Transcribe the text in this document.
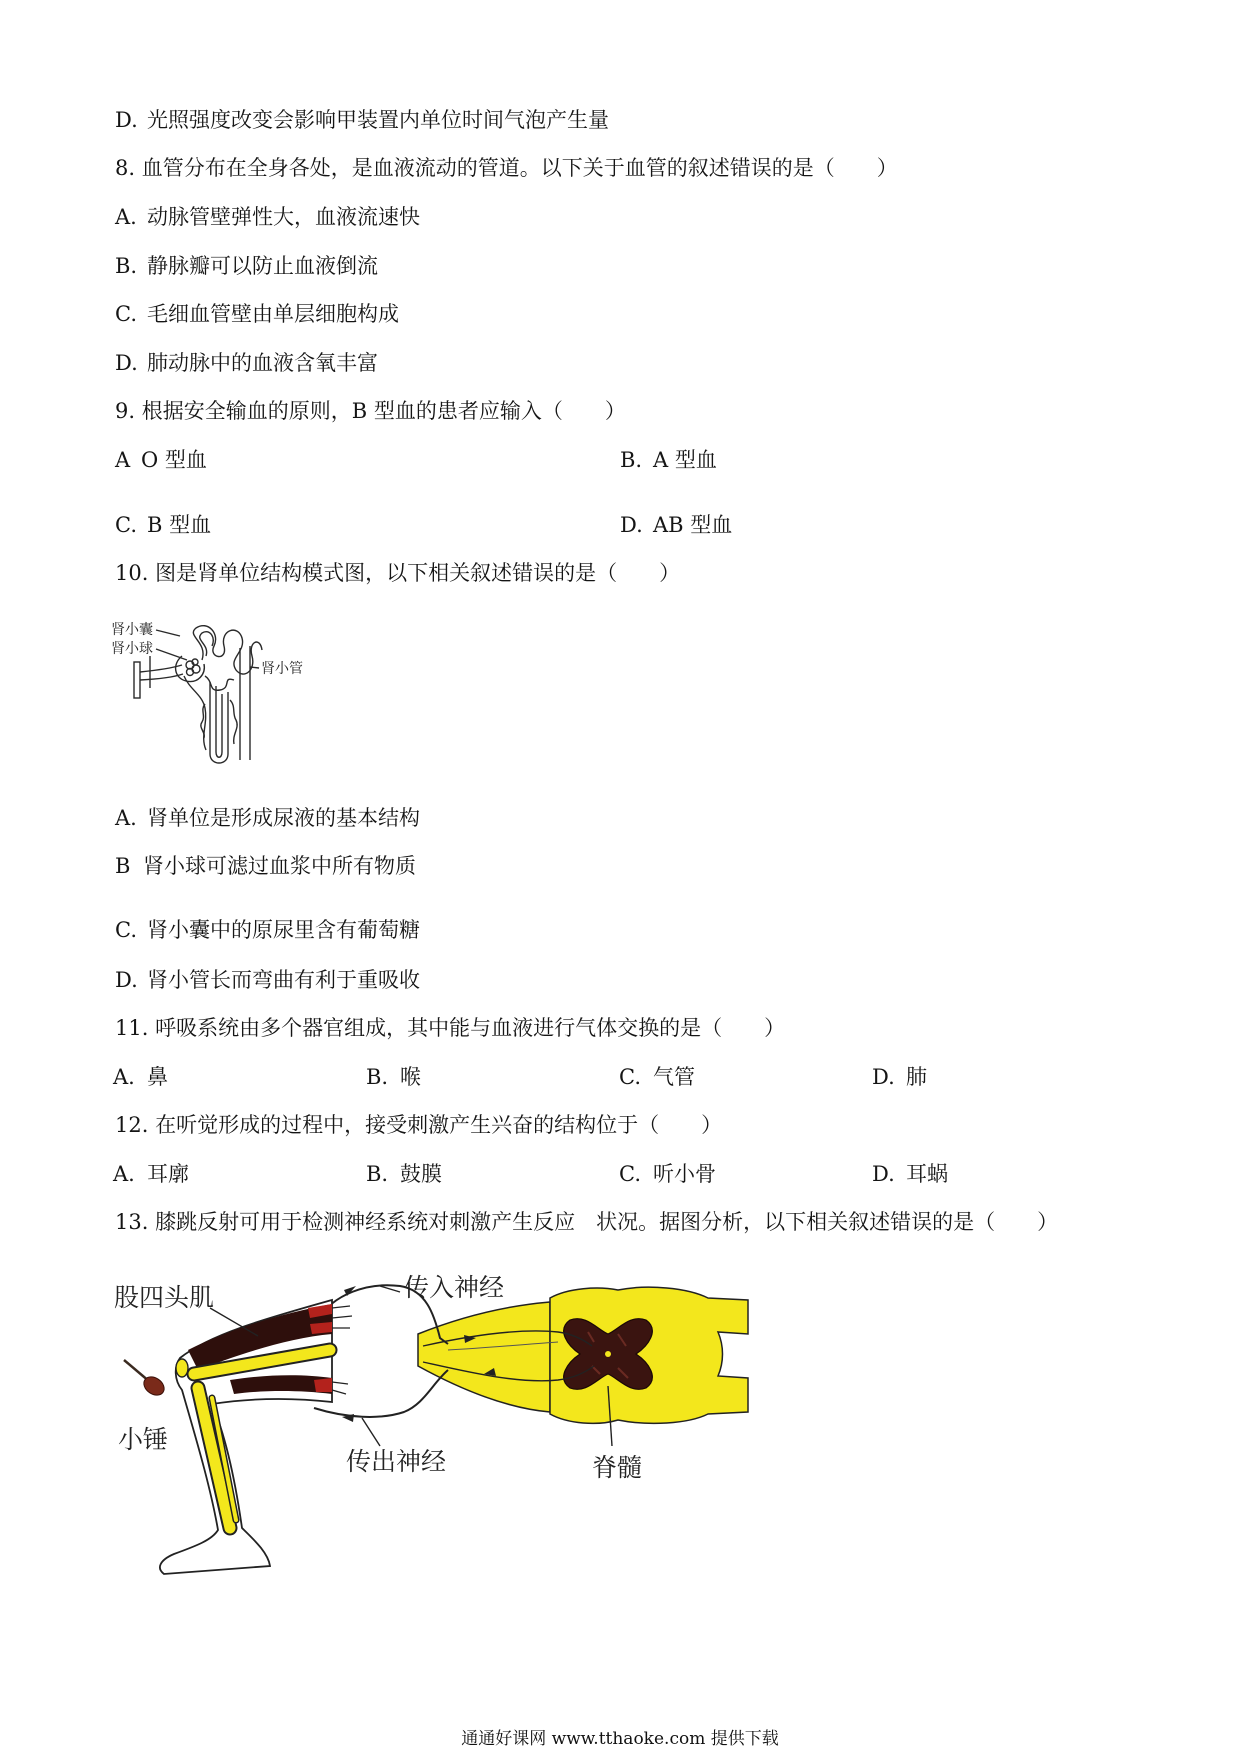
D. 光照强度改变会影响甲装置内单位时间气泡产生量
8. 血管分布在全身各处，是血液流动的管道。以下关于血管的叙述错误的是（　　）
A. 动脉管壁弹性大，血液流速快
B. 静脉瓣可以防止血液倒流
C. 毛细血管壁由单层细胞构成
D. 肺动脉中的血液含氧丰富
9. 根据安全输血的原则，B 型血的患者应输入（　　）
A O 型血	B. A 型血
C. B 型血	D. AB 型血
10. 图是肾单位结构模式图，以下相关叙述错误的是（　　）
肾小囊
肾小球
肾小管
A. 肾单位是形成尿液的基本结构
B 肾小球可滤过血浆中所有物质
C. 肾小囊中的原尿里含有葡萄糖
D. 肾小管长而弯曲有利于重吸收
11. 呼吸系统由多个器官组成，其中能与血液进行气体交换的是（　　）
A. 鼻	B. 喉	C. 气管	D. 肺
12. 在听觉形成的过程中，接受刺激产生兴奋的结构位于（　　）
A. 耳廓	B. 鼓膜	C. 听小骨	D. 耳蜗
13. 膝跳反射可用于检测神经系统对刺激产生反应　状况。据图分析，以下相关叙述错误的是（　　）
股四头肌	传入神经
小锤
传出神经	脊髓
通通好课网 www.tthaoke.com 提供下载
